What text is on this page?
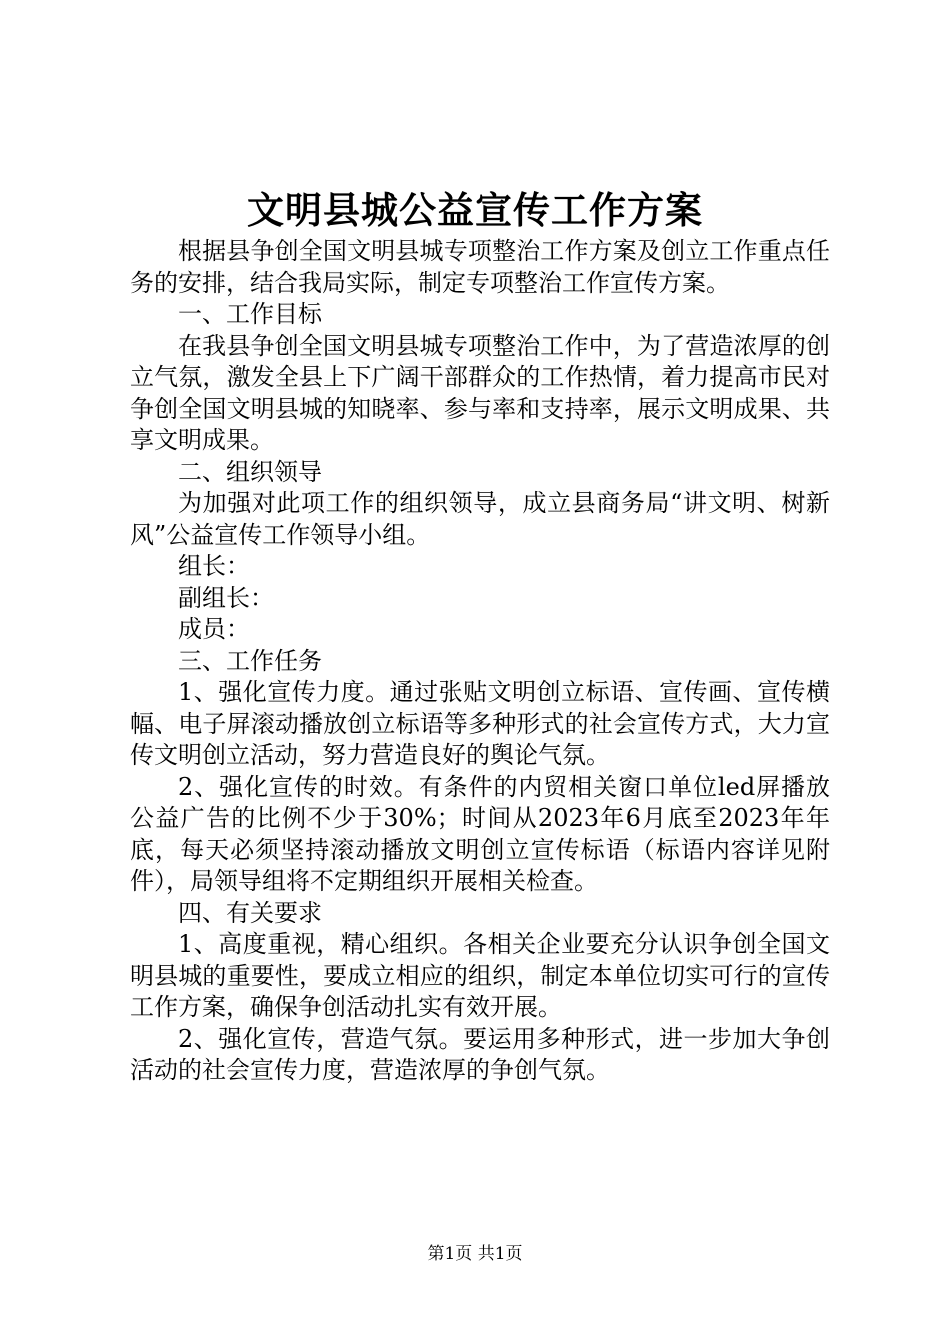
文明县城公益宣传工作方案

根据县争创全国文明县城专项整治工作方案及创立工作重点任务的安排，结合我局实际，制定专项整治工作宣传方案。

一、工作目标

在我县争创全国文明县城专项整治工作中，为了营造浓厚的创立气氛，激发全县上下广阔干部群众的工作热情，着力提高市民对争创全国文明县城的知晓率、参与率和支持率，展示文明成果、共享文明成果。

二、组织领导

为加强对此项工作的组织领导，成立县商务局“讲文明、树新风”公益宣传工作领导小组。

组长：

副组长：

成员：

三、工作任务

1、强化宣传力度。通过张贴文明创立标语、宣传画、宣传横幅、电子屏滚动播放创立标语等多种形式的社会宣传方式，大力宣传文明创立活动，努力营造良好的舆论气氛。

2、强化宣传的时效。有条件的内贸相关窗口单位led屏播放公益广告的比例不少于30%；时间从2023年6月底至2023年年底，每天必须坚持滚动播放文明创立宣传标语（标语内容详见附件），局领导组将不定期组织开展相关检查。

四、有关要求

1、高度重视，精心组织。各相关企业要充分认识争创全国文明县城的重要性，要成立相应的组织，制定本单位切实可行的宣传工作方案，确保争创活动扎实有效开展。

2、强化宣传，营造气氛。要运用多种形式，进一步加大争创活动的社会宣传力度，营造浓厚的争创气氛。

第1页 共1页
